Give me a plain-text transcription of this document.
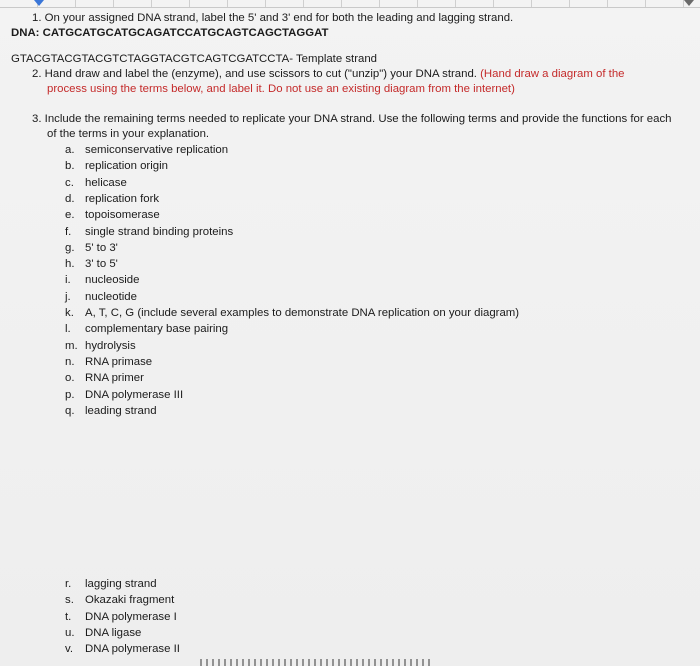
1. On your assigned DNA strand, label the 5' and 3' end for both the leading and lagging strand.
DNA: CATGCATGCATGCAGATCCATGCAGTCAGCTAGGAT
GTACGTACGTACGTCTAGGTACGTCAGTCGATCCTA- Template strand
2. Hand draw and label the (enzyme), and use scissors to cut ("unzip") your DNA strand. (Hand draw a diagram of the
process using the terms below, and label it. Do not use an existing diagram from the internet)
3. Include the remaining terms needed to replicate your DNA strand. Use the following terms and provide the functions for each
of the terms in your explanation.
a. semiconservative replication
b. replication origin
c. helicase
d. replication fork
e. topoisomerase
f. single strand binding proteins
g. 5' to 3'
h. 3' to 5'
i. nucleoside
j. nucleotide
k. A, T, C, G (include several examples to demonstrate DNA replication on your diagram)
l. complementary base pairing
m. hydrolysis
n. RNA primase
o. RNA primer
p. DNA polymerase III
q. leading strand
r. lagging strand
s. Okazaki fragment
t. DNA polymerase I
u. DNA ligase
v. DNA polymerase II
